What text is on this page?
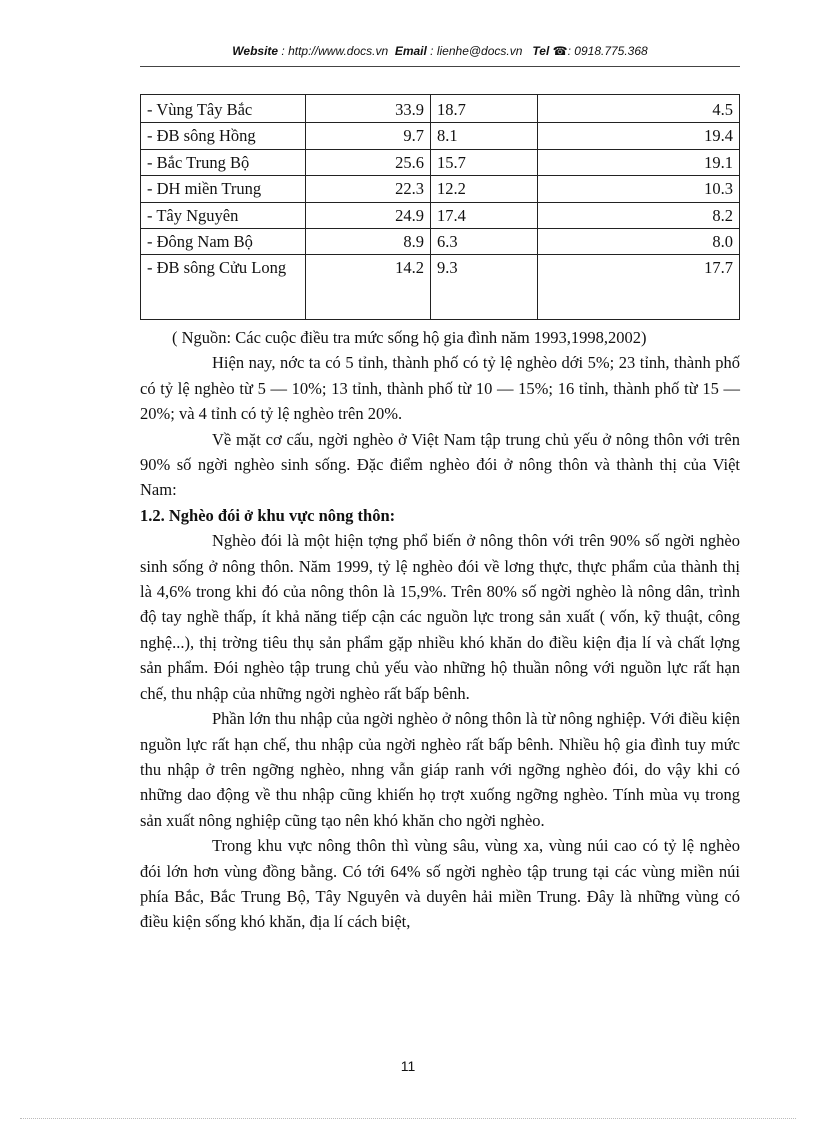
Website : http://www.docs.vn Email : lienhe@docs.vn Tel ☎: 0918.775.368
- Vùng Tây Bắc	33.9	18.7	4.5
- ĐB sông Hồng	9.7	8.1	19.4
- Bắc Trung Bộ	25.6	15.7	19.1
- DH miền Trung	22.3	12.2	10.3
- Tây Nguyên	24.9	17.4	8.2
- Đông Nam Bộ	8.9	6.3	8.0
- ĐB sông Cửu Long	14.2	9.3	17.7

( Nguồn: Các cuộc điều tra mức sống hộ gia đình năm 1993,1998,2002)

Hiện nay, nớc ta có 5 tỉnh, thành phố có tỷ lệ nghèo dới 5%; 23 tỉnh, thành phố có tỷ lệ nghèo từ 5 — 10%; 13 tỉnh, thành phố từ 10 — 15%; 16 tỉnh, thành phố từ 15 — 20%; và 4 tỉnh có tỷ lệ nghèo trên 20%.

Về mặt cơ cấu, ngời nghèo ở Việt Nam tập trung chủ yếu ở nông thôn với trên 90% số ngời nghèo sinh sống. Đặc điểm nghèo đói ở nông thôn và thành thị của Việt Nam:

1.2. Nghèo đói ở khu vực nông thôn:

Nghèo đói là một hiện tợng phổ biến ở nông thôn với trên 90% số ngời nghèo sinh sống ở nông thôn. Năm 1999, tỷ lệ nghèo đói về lơng thực, thực phẩm của thành thị là 4,6% trong khi đó của nông thôn là 15,9%. Trên 80% số ngời nghèo là nông dân, trình độ tay nghề thấp, ít khả năng tiếp cận các nguồn lực trong sản xuất ( vốn, kỹ thuật, công nghệ...), thị trờng tiêu thụ sản phẩm gặp nhiều khó khăn do điều kiện địa lí và chất lợng sản phẩm. Đói nghèo tập trung chủ yếu vào những hộ thuần nông với nguồn lực rất hạn chế, thu nhập của những ngời nghèo rất bấp bênh.

Phần lớn thu nhập của ngời nghèo ở nông thôn là từ nông nghiệp. Với điều kiện nguồn lực rất hạn chế, thu nhập của ngời nghèo rất bấp bênh. Nhiều hộ gia đình tuy mức thu nhập ở trên ngỡng nghèo, nhng vẫn giáp ranh với ngỡng nghèo đói, do vậy khi có những dao động về thu nhập cũng khiến họ trợt xuống ngỡng nghèo. Tính mùa vụ trong sản xuất nông nghiệp cũng tạo nên khó khăn cho ngời nghèo.

Trong khu vực nông thôn thì vùng sâu, vùng xa, vùng núi cao có tỷ lệ nghèo đói lớn hơn vùng đồng bằng. Có tới 64% số ngời nghèo tập trung tại các vùng miền núi phía Bắc, Bắc Trung Bộ, Tây Nguyên và duyên hải miền Trung. Đây là những vùng có điều kiện sống khó khăn, địa lí cách biệt,

11
